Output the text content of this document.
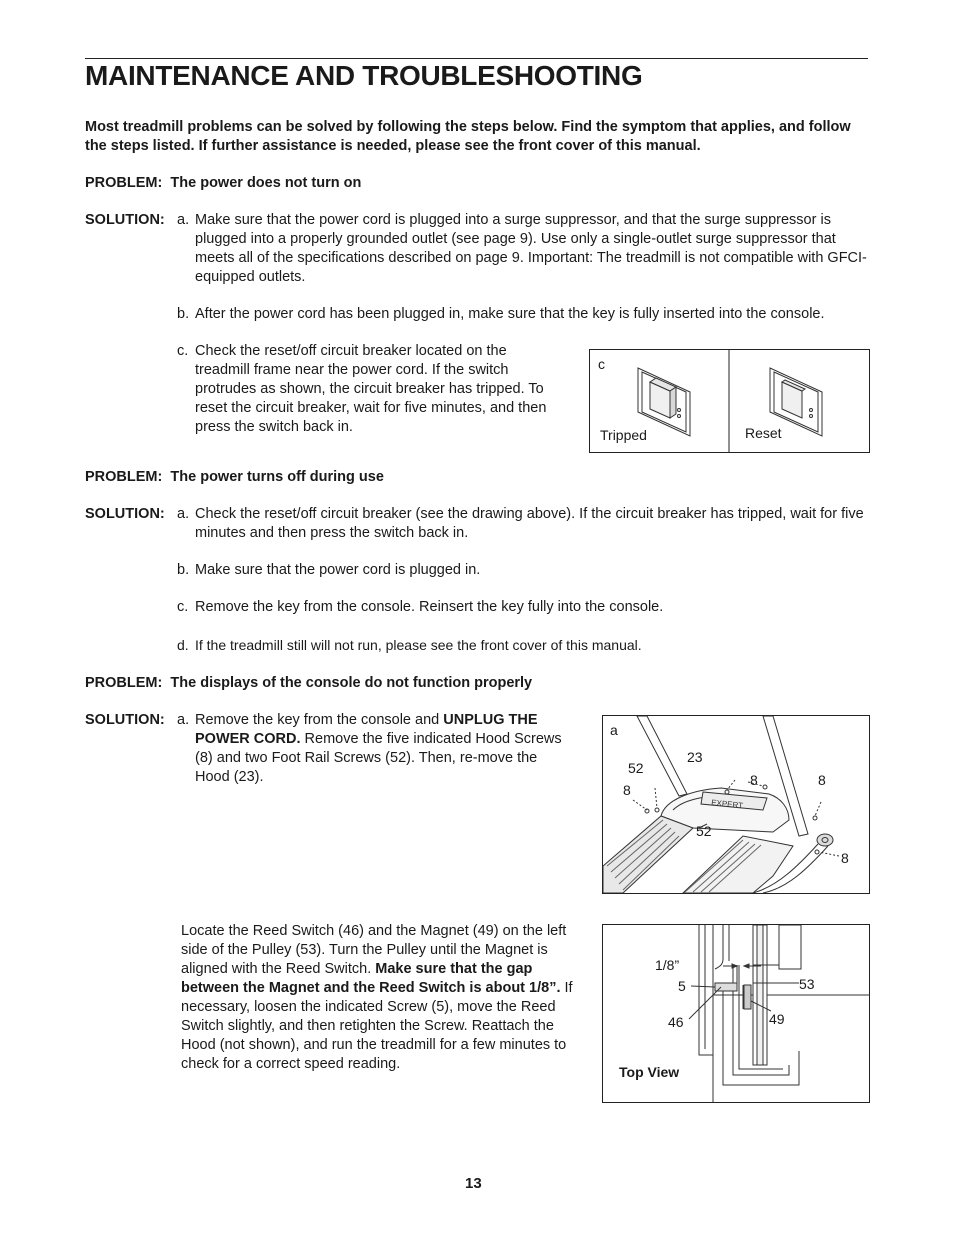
MAINTENANCE AND TROUBLESHOOTING

Most treadmill problems can be solved by following the steps below. Find the symptom that applies, and follow the steps listed. If further assistance is needed, please see the front cover of this manual.

PROBLEM: The power does not turn on
SOLUTION: a. Make sure that the power cord is plugged into a surge suppressor, and that the surge suppressor is plugged into a properly grounded outlet (see page 9). Use only a single-outlet surge suppressor that meets all of the specifications described on page 9. Important: The treadmill is not compatible with GFCI-equipped outlets.
b. After the power cord has been plugged in, make sure that the key is fully inserted into the console.
c. Check the reset/off circuit breaker located on the treadmill frame near the power cord. If the switch protrudes as shown, the circuit breaker has tripped. To reset the circuit breaker, wait for five minutes, and then press the switch back in.
c
Tripped	Reset
PROBLEM: The power turns off during use
SOLUTION: a. Check the reset/off circuit breaker (see the drawing above). If the circuit breaker has tripped, wait for five minutes and then press the switch back in.
b. Make sure that the power cord is plugged in.
c. Remove the key from the console. Reinsert the key fully into the console.
d. If the treadmill still will not run, please see the front cover of this manual.
PROBLEM: The displays of the console do not function properly
SOLUTION: a. Remove the key from the console and UNPLUG THE POWER CORD. Remove the five indicated Hood Screws (8) and two Foot Rail Screws (52). Then, re-move the Hood (23).
EXPERT
a
52
23
8	8
8
52
8

Locate the Reed Switch (46) and the Magnet (49) on the left side of the Pulley (53). Turn the Pulley until the Magnet is aligned with the Reed Switch. Make sure that the gap between the Magnet and the Reed Switch is about 1/8”. If necessary, loosen the indicated Screw (5), move the Reed Switch slightly, and then retighten the Screw. Reattach the Hood (not shown), and run the treadmill for a few minutes to check for a correct speed reading.

1/8”
5
46	49
53
Top View
13
